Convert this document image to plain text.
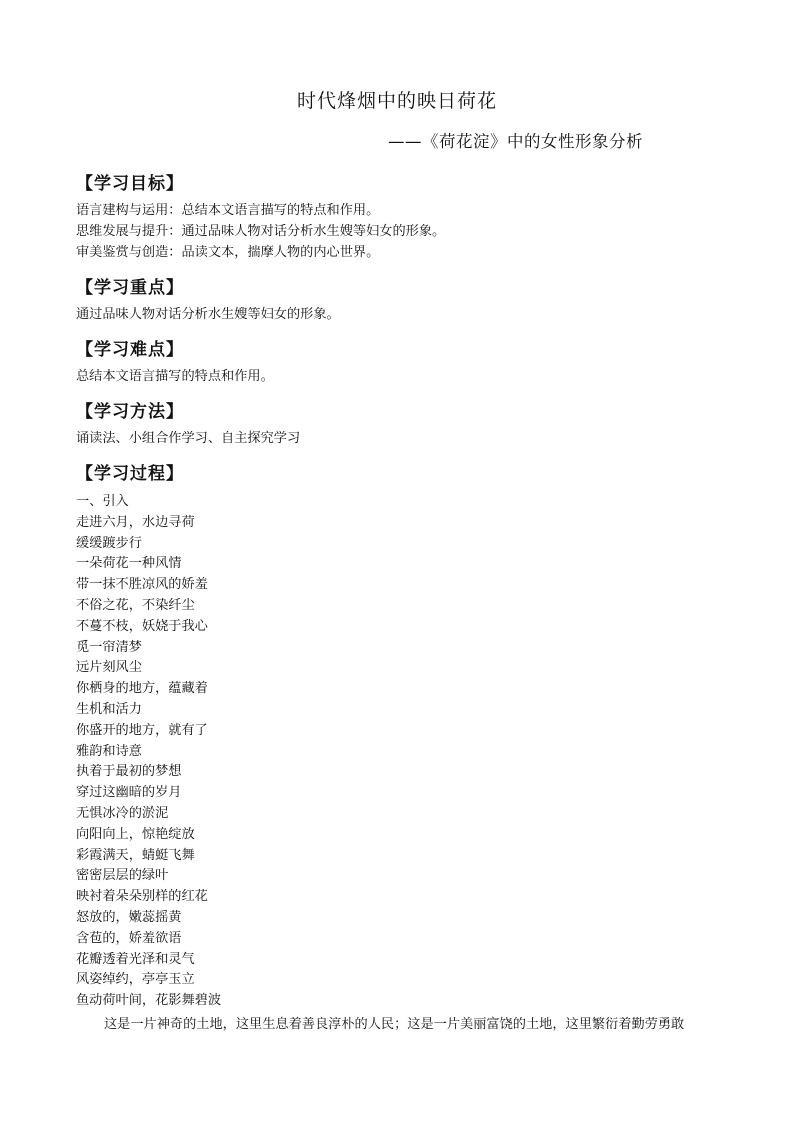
时代烽烟中的映日荷花

——《荷花淀》中的女性形象分析

【学习目标】

语言建构与运用：总结本文语言描写的特点和作用。

思维发展与提升：通过品味人物对话分析水生嫂等妇女的形象。

审美鉴赏与创造：品读文本，揣摩人物的内心世界。

【学习重点】

通过品味人物对话分析水生嫂等妇女的形象。

【学习难点】

总结本文语言描写的特点和作用。

【学习方法】

诵读法、小组合作学习、自主探究学习

【学习过程】
一、引入
走进六月，水边寻荷
缓缓踱步行
一朵荷花一种风情
带一抹不胜凉风的娇羞
不俗之花，不染纤尘
不蔓不枝，妖娆于我心
觅一帘清梦
远片刻风尘
你栖身的地方，蕴藏着
生机和活力
你盛开的地方，就有了
雅韵和诗意
执着于最初的梦想
穿过这幽暗的岁月
无惧冰冷的淤泥
向阳向上，惊艳绽放
彩霞满天，蜻蜓飞舞
密密层层的绿叶
映衬着朵朵别样的红花
怒放的，嫩蕊摇黄
含苞的，娇羞欲语
花瓣透着光泽和灵气
风姿绰约，亭亭玉立
鱼动荷叶间，花影舞碧波

这是一片神奇的土地，这里生息着善良淳朴的人民；这是一片美丽富饶的土地，这里繁衍着勤劳勇敢
